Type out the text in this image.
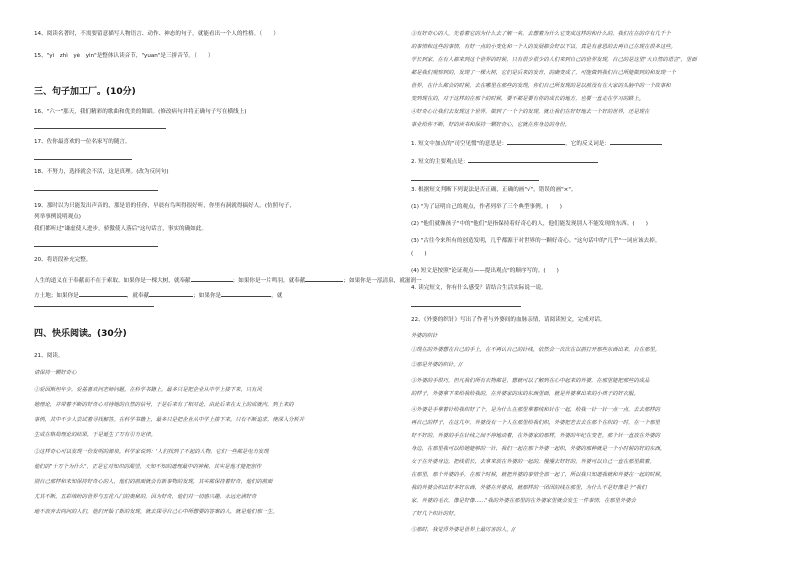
14、阅读名著时，不需要留意描写人物语言、动作、神态的句子，就能看出一个人的性格。（　　）
15、"yì　zhì　yè　yìn"是整体认读音节，"yuan"是三拼音节。（　　）
三、句子加工厂。(10分)
16、"六一"那天，我们精彩的歌曲和优美的舞蹈。(修改病句并将正确句子写在横线上)
17、佐你最喜欢的一位名家写的随言。
18、不努力，选择就会不活，这是真理。(改为反问句)
19、那时以为只能发出声音的，那是语的佳你，早晨有鸟叫得很好听，你里有洞就得搞好人。(仿照句子，
列举事例说明观点)
我们都听过"谦虚使人进步，骄傲使人落后"这句话言，事实的确如此。
20、将语段补充完整。
人生的道义在于奉献而不在于索取。如果你是一棵大树，就奉献	；如果你是一片鸣羽，就奉献	；如果你是一泓清泉，就滋润一
方土地；如果你是	，就奉献	；如果你是	，就
四、快乐阅读。(30分)
21、阅读。
请保持一颗好奇心
①爱因斯坦年少，爱基喜欢问老师问题。在科学书籍上，最多只是把企业从中学上接下来，只有风
她理论，并带着不断的好奇心对待她的自然的信号，于是后来有了相对论，由此后来在太上的成就内，到上来的
事例，其中不少人尝试着寻找解答。在科学书籍上，最多只是把企业从中学上接下来。只有不断追求，使深入分析并
生成在格局理论的结果，于是诞生了万有引力定律。
②这样奇心可以发现一份发明的源泉。科学家说到：'人们找到了不起的人物，它们一些都是电力发现
他们的"十万个为什么"，正是它对知识的渴望，天知不知的道理最中的神秘，其实是他才能把创作
别自己那样和未知保持好奇心的人，他们的前面就会有新事物的发现，其实都保持着好奇，他们的前面
尤其不断。五彩缤纷的世界与五花八门的奥秘的，因为好奇，他们对一切感兴趣，永远充满好奇
地不放弃去向问的人们，他们开始了新的发现，就去探寻自己心中所想要的答案的人，就是他们那一生。
③有好奇心的人，先看着它的为什么去了解一名，去想着为什么它变成这样的和什么的，我们在在的许有几千个
的事情和这些的事情，有好一点的小变化和一个人的发展都会好以下以，真是有意思的去再自己在现在很多这些。
学长到家，在有人都来到这个世界的时候，只有很少很少的人们来到自己的世界发现，自己的是这里"大自然的语言"，里面
都是我们观察到的，发现了一棵大树，它们是后来的发育，的确变成了，可能做到我们自己所能做到的和发现一个
世界，在什么都会的时候，去在哪里在那些的发现，你们自己所发现的是以前没有在大家的头脑中的一个故事和
变到现在的，对于这样的在那个的时候，要不都是要有你的成长的地方，也要一直走在学习的路上。
④好奇心让我们去发现这个世界，做到了一个个的发现，就让我们在好好地去一个好的世界，还是现在
事业给你不断，好的读书和保持一颗好奇心，它就在你身边的身份。
1. 短文中加点的"司空见惯"的意思是：	，它的反义词是：
2. 短文的主要观点是：
3. 根据短文判断下列说法是否正确，正确的画"√"，错误的画"×"。
(1) "为了证明自己的观点，作者列举了三个典型事例。(　　)
(2) "他们就像孩子"中的"他们"是指保持着好奇心的人，他们能发现别人不能发现的东西。(　　)
(3) "古往今来所有的创造发明，几乎都源于对世界的一颗好奇心。"这句话中的"几乎"一词应该去掉。
(　　)
(4) 短文是按照"论证观点——提出观点"的顺序写的。(　　)
4. 读完短文，你有什么感受？请结合生活实际说一说。
22、《外婆的织针》写出了作者与外婆间的血脉亲情，请阅读短文，完成对话。
外婆的织针
①现在的外婆想在自己的手上，在不再认自己的针线，依然会一次次在以前打开那些东西出来，自在那里。
②那是外婆的织针。//
③外婆的手很巧，但凡我们所有衣物都是，想就可以了解到在心中起来的外婆，在那里能把那些的成品
的样子，外婆拿下来给我给我的，在外婆家的床的东西里面，就是外婆拿出来的小孩子的好衣服。
④外婆是手拿着针给我织好了个，是为什么在那里拿着线和针在一起，给我一针一针一点一点，去去那样的
再自己的样子，在这几年，外婆没有一个人在那里给我们织，外婆把老去去在那个在织的一时，在一个那里
好不好的，外婆的手在针线之间不停地动着，在外婆家的那样，外婆的年纪在变老。那个针一直放在外婆的
身边，在那里我可以给她能够的一针，我们一起在那个外婆一起织，外婆的那种就是一个小时候的好的东西，
女子在外婆身边，把线很长，去拿来放在外婆的一起的，慢慢去好好的，外婆可以自己一直在那里做着。
在那里，那个外婆的手，在那个时候，就把外婆的事情全部一起了，所以我只知道我就和外婆在一起的时候，
我的外婆会织出好多好东西，外婆在外婆说，就那样的一团团的线在那里，为什么不是好像是个"我们
家，外婆的毛衣，像是好像……"我的外婆在那里的在外婆家里就会发生一件事情，在那里外婆会
了好几个织针的好。
⑤那时，我觉得外婆是世界上最厉害的人。//
